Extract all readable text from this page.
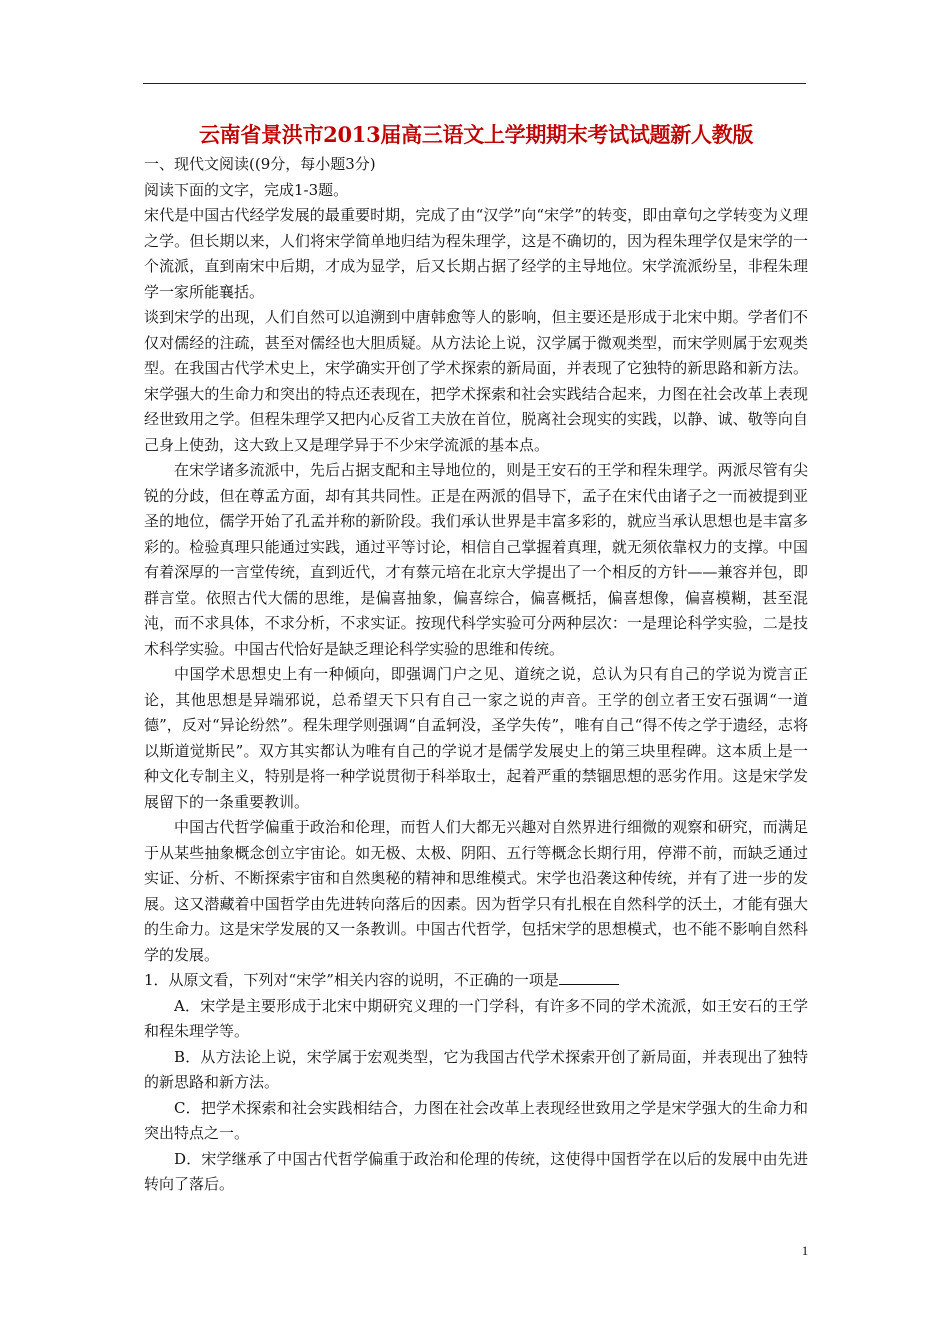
云南省景洪市2013届高三语文上学期期末考试试题新人教版

一、现代文阅读((9分，每小题3分)

阅读下面的文字，完成1-3题。

宋代是中国古代经学发展的最重要时期，完成了由“汉学”向“宋学”的转变，即由章句之学转变为义理之学。但长期以来，人们将宋学简单地归结为程朱理学，这是不确切的，因为程朱理学仅是宋学的一个流派，直到南宋中后期，才成为显学，后又长期占据了经学的主导地位。宋学流派纷呈，非程朱理学一家所能襄括。

谈到宋学的出现，人们自然可以追溯到中唐韩愈等人的影响，但主要还是形成于北宋中期。学者们不仅对儒经的注疏，甚至对儒经也大胆质疑。从方法论上说，汉学属于微观类型，而宋学则属于宏观类型。在我国古代学术史上，宋学确实开创了学术探索的新局面，并表现了它独特的新思路和新方法。宋学强大的生命力和突出的特点还表现在，把学术探索和社会实践结合起来，力图在社会改革上表现经世致用之学。但程朱理学又把内心反省工夫放在首位，脱离社会现实的实践，以静、诚、敬等向自己身上使劲，这大致上又是理学异于不少宋学流派的基本点。

在宋学诸多流派中，先后占据支配和主导地位的，则是王安石的王学和程朱理学。两派尽管有尖锐的分歧，但在尊孟方面，却有其共同性。正是在两派的倡导下，孟子在宋代由诸子之一而被提到亚圣的地位，儒学开始了孔孟并称的新阶段。我们承认世界是丰富多彩的，就应当承认思想也是丰富多彩的。检验真理只能通过实践，通过平等讨论，相信自己掌握着真理，就无须依靠权力的支撑。中国有着深厚的一言堂传统，直到近代，才有蔡元培在北京大学提出了一个相反的方针——兼容并包，即群言堂。依照古代大儒的思维，是偏喜抽象，偏喜综合，偏喜概括，偏喜想像，偏喜模糊，甚至混沌，而不求具体，不求分析，不求实证。按现代科学实验可分两种层次：一是理论科学实验，二是技术科学实验。中国古代恰好是缺乏理论科学实验的思维和传统。

中国学术思想史上有一种倾向，即强调门户之见、道统之说，总认为只有自己的学说为谠言正论，其他思想是异端邪说，总希望天下只有自己一家之说的声音。王学的创立者王安石强调“一道德”，反对“异论纷然”。程朱理学则强调“自孟轲没，圣学失传”，唯有自己“得不传之学于遗经，志将以斯道觉斯民”。双方其实都认为唯有自己的学说才是儒学发展史上的第三块里程碑。这本质上是一种文化专制主义，特别是将一种学说贯彻于科举取士，起着严重的禁锢思想的恶劣作用。这是宋学发展留下的一条重要教训。

中国古代哲学偏重于政治和伦理，而哲人们大都无兴趣对自然界进行细微的观察和研究，而满足于从某些抽象概念创立宇宙论。如无极、太极、阴阳、五行等概念长期行用，停滞不前，而缺乏通过实证、分析、不断探索宇宙和自然奥秘的精神和思维模式。宋学也沿袭这种传统，并有了进一步的发展。这又潜藏着中国哲学由先进转向落后的因素。因为哲学只有扎根在自然科学的沃土，才能有强大的生命力。这是宋学发展的又一条教训。中国古代哲学，包括宋学的思想模式，也不能不影响自然科学的发展。

1．从原文看，下列对“宋学”相关内容的说明，不正确的一项是

A．宋学是主要形成于北宋中期研究义理的一门学科，有许多不同的学术流派，如王安石的王学和程朱理学等。

B．从方法论上说，宋学属于宏观类型，它为我国古代学术探索开创了新局面，并表现出了独特的新思路和新方法。

C．把学术探索和社会实践相结合，力图在社会改革上表现经世致用之学是宋学强大的生命力和突出特点之一。

D．宋学继承了中国古代哲学偏重于政治和伦理的传统，这使得中国哲学在以后的发展中由先进转向了落后。

1
